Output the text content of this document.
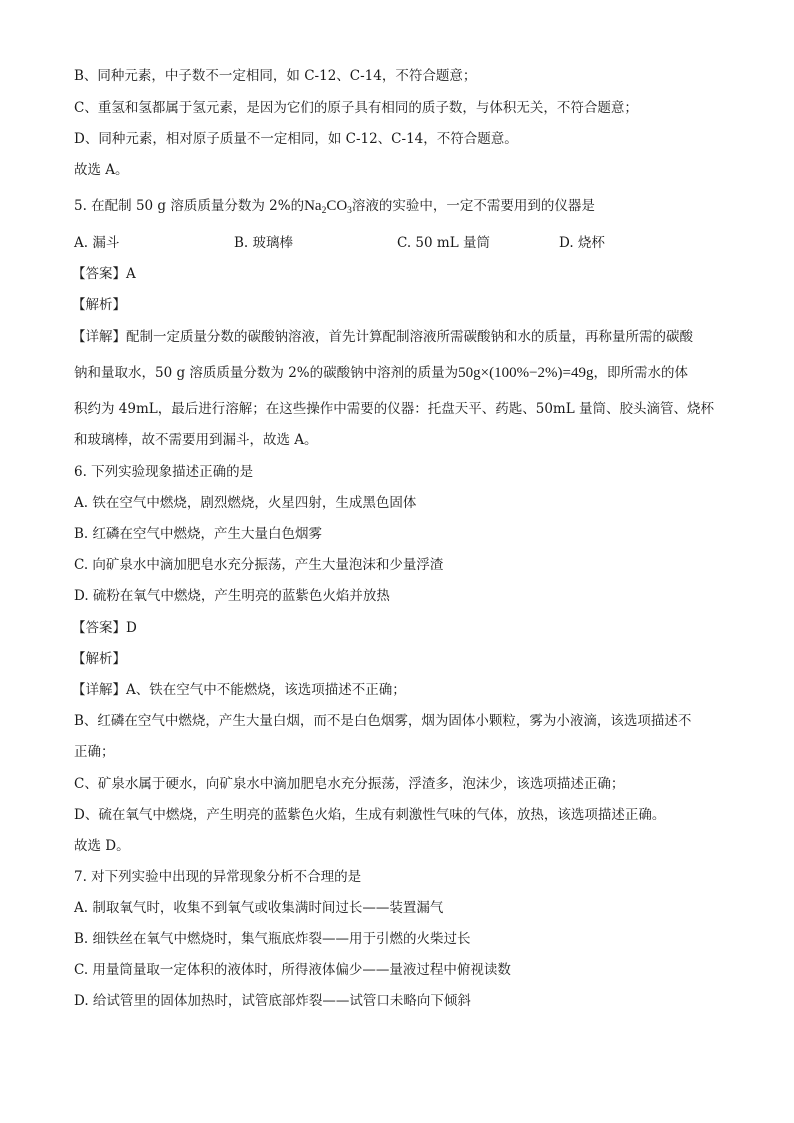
B、同种元素，中子数不一定相同，如 C-12、C-14，不符合题意；
C、重氢和氢都属于氢元素，是因为它们的原子具有相同的质子数，与体积无关，不符合题意；
D、同种元素，相对原子质量不一定相同，如 C-12、C-14，不符合题意。
故选 A。
5. 在配制 50 g 溶质质量分数为 2%的$Na_2CO_3$溶液的实验中，一定不需要用到的仪器是
A. 漏斗	B. 玻璃棒	C. 50 mL 量筒	D. 烧杯
【答案】A
【解析】
【详解】配制一定质量分数的碳酸钠溶液，首先计算配制溶液所需碳酸钠和水的质量，再称量所需的碳酸
钠和量取水，50 g 溶质质量分数为 2%的碳酸钠中溶剂的质量为50g×(100%−2%)=49g，即所需水的体
积约为 49mL，最后进行溶解；在这些操作中需要的仪器：托盘天平、药匙、50mL 量筒、胶头滴管、烧杯
和玻璃棒，故不需要用到漏斗，故选 A。
6. 下列实验现象描述正确的是
A. 铁在空气中燃烧，剧烈燃烧，火星四射，生成黑色固体
B. 红磷在空气中燃烧，产生大量白色烟雾
C. 向矿泉水中滴加肥皂水充分振荡，产生大量泡沫和少量浮渣
D. 硫粉在氧气中燃烧，产生明亮的蓝紫色火焰并放热
【答案】D
【解析】
【详解】A、铁在空气中不能燃烧，该选项描述不正确；
B、红磷在空气中燃烧，产生大量白烟，而不是白色烟雾，烟为固体小颗粒，雾为小液滴，该选项描述不
正确；
C、矿泉水属于硬水，向矿泉水中滴加肥皂水充分振荡，浮渣多，泡沫少，该选项描述正确；
D、硫在氧气中燃烧，产生明亮的蓝紫色火焰，生成有刺激性气味的气体，放热，该选项描述正确。
故选 D。
7. 对下列实验中出现的异常现象分析不合理的是
A. 制取氧气时，收集不到氧气或收集满时间过长——装置漏气
B. 细铁丝在氧气中燃烧时，集气瓶底炸裂——用于引燃的火柴过长
C. 用量筒量取一定体积的液体时，所得液体偏少——量液过程中俯视读数
D. 给试管里的固体加热时，试管底部炸裂——试管口未略向下倾斜
